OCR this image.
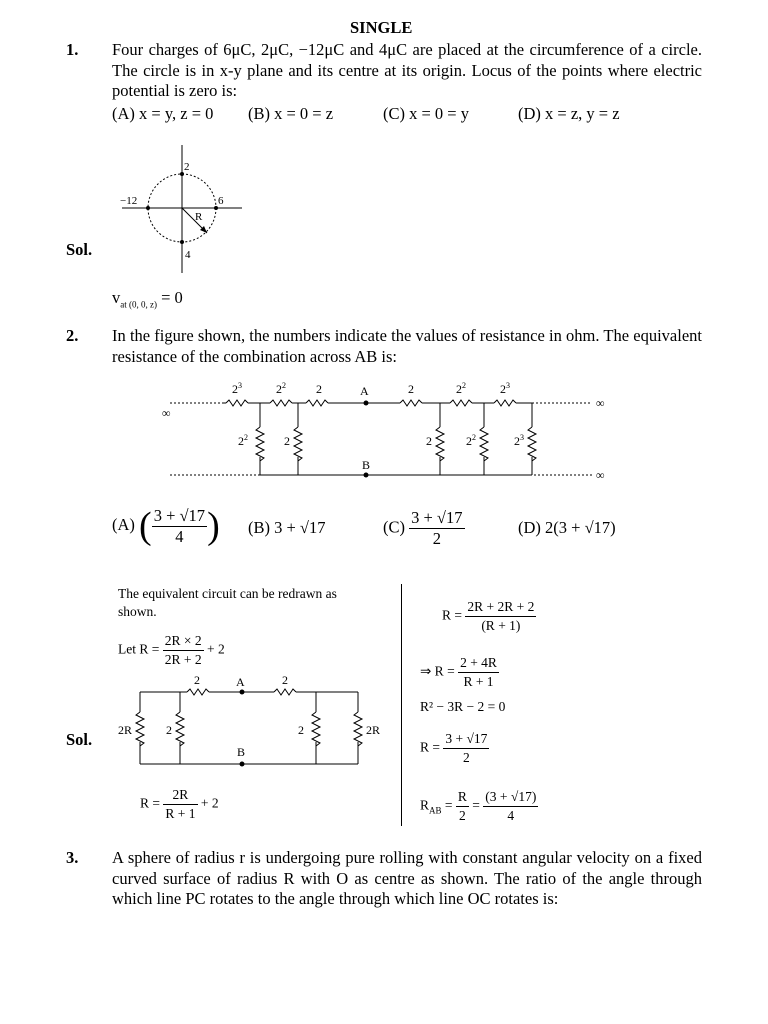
SINGLE
1. Four charges of 6μC, 2μC, −12μC and 4μC are placed at the circumference of a circle. The circle is in x-y plane and its centre at its origin. Locus of the points where electric potential is zero is:
(A) x = y, z = 0 (B) x = 0 = z	(C) x = 0 = y	(D) x = z, y = z
2
−12	6
4
R
Sol.
$v_{at (0, 0, z)} = 0$
2. In the figure shown, the numbers indicate the values of resistance in ohm. The equivalent resistance of the combination across AB is:
∞
∞
∞
$2^3$	$2^2$	2	A	2	$2^2$	$2^3$
$2^2$	2	2	$2^2$	$2^3$
B
(A) ( $\frac{3 + √17}{4}$ ) (B) 3 + √17	$(C) \frac{3 + √17}{2}$	(D) 2(3 + √17)
Sol.
The equivalent circuit can be redrawn as
shown.
Let $R = \frac{2R \times 2}{2R + 2} + 2$
2	A	2
2R	2	2	2R
B
$R = \frac{2R}{R + 1} + 2$
$R = \frac{2R + 2R + 2}{(R + 1)}$
⇒ $R = \frac{2 + 4R}{R + 1}$
R² − 3R − 2 = 0
$R = \frac{3 + √17}{2}$
$R_{AB} = \frac{R}{2} = \frac{(3 + √17)}{4}$
3. A sphere of radius r is undergoing pure rolling with constant angular velocity on a fixed curved surface of radius R with O as centre as shown. The ratio of the angle through which line PC rotates to the angle through which line OC rotates is:
